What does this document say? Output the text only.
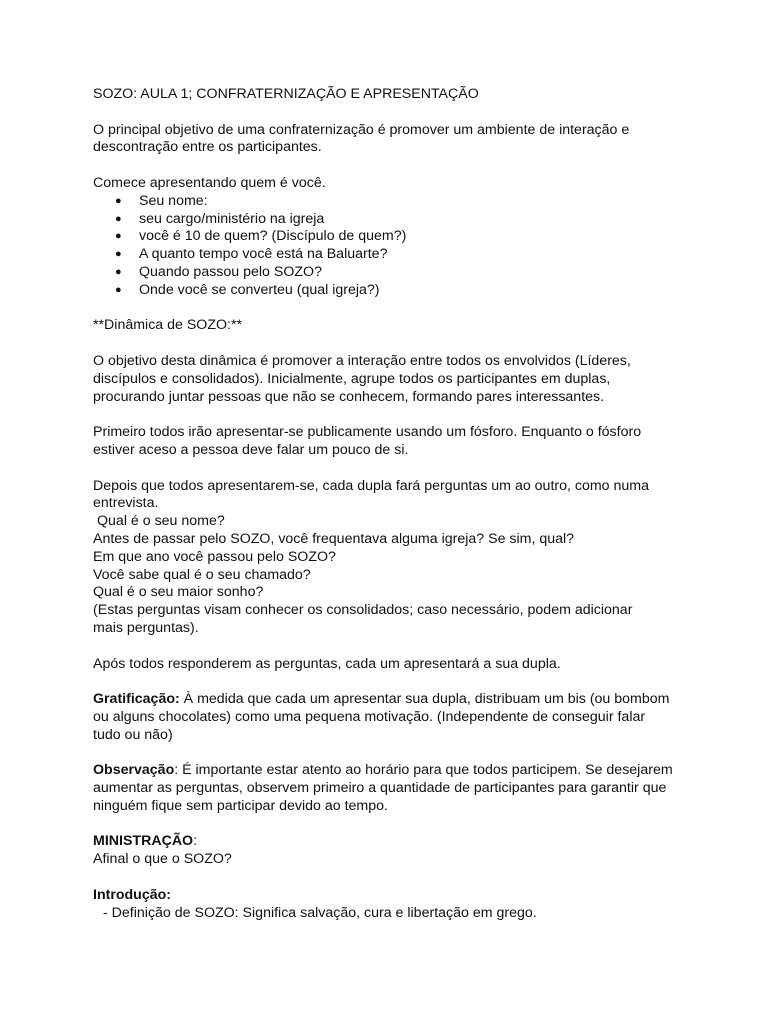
SOZO: AULA 1; CONFRATERNIZAÇÃO E APRESENTAÇÃO

O principal objetivo de uma confraternização é promover um ambiente de interação e descontração entre os participantes.

Comece apresentando quem é você.

● Seu nome:
● seu cargo/ministério na igreja
● você é 10 de quem? (Discípulo de quem?)
● A quanto tempo você está na Baluarte?
● Quando passou pelo SOZO?
● Onde você se converteu (qual igreja?)

**Dinâmica de SOZO:**

O objetivo desta dinâmica é promover a interação entre todos os envolvidos (Líderes, discípulos e consolidados). Inicialmente, agrupe todos os participantes em duplas, procurando juntar pessoas que não se conhecem, formando pares interessantes.

Primeiro todos irão apresentar-se publicamente usando um fósforo. Enquanto o fósforo estiver aceso a pessoa deve falar um pouco de si.

Depois que todos apresentarem-se, cada dupla fará perguntas um ao outro, como numa entrevista.

Qual é o seu nome?

Antes de passar pelo SOZO, você frequentava alguma igreja? Se sim, qual?

Em que ano você passou pelo SOZO?

Você sabe qual é o seu chamado?

Qual é o seu maior sonho?

(Estas perguntas visam conhecer os consolidados; caso necessário, podem adicionar mais perguntas).

Após todos responderem as perguntas, cada um apresentará a sua dupla.

Gratificação: À medida que cada um apresentar sua dupla, distribuam um bis (ou bombom ou alguns chocolates) como uma pequena motivação. (Independente de conseguir falar tudo ou não)

Observação: É importante estar atento ao horário para que todos participem. Se desejarem aumentar as perguntas, observem primeiro a quantidade de participantes para garantir que ninguém fique sem participar devido ao tempo.

MINISTRAÇÃO:

Afinal o que o SOZO?

Introdução:

- Definição de SOZO: Significa salvação, cura e libertação em grego.
